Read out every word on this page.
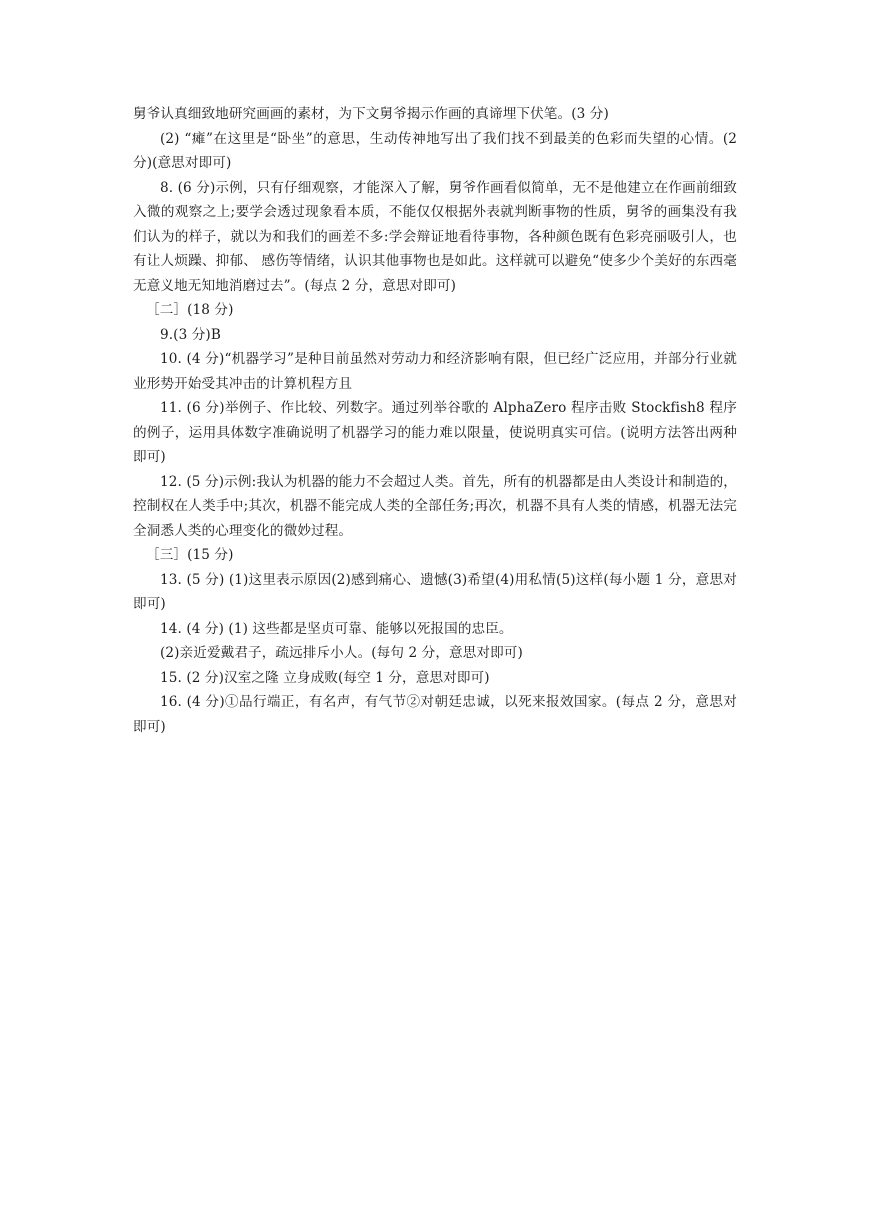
舅爷认真细致地研究画画的素材，为下文舅爷揭示作画的真谛埋下伏笔。(3 分)

(2) “瘫”在这里是“卧坐”的意思，生动传神地写出了我们找不到最美的色彩而失望的心情。(2 分)(意思对即可)

8. (6 分)示例，只有仔细观察，才能深入了解，舅爷作画看似简单，无不是他建立在作画前细致入微的观察之上;要学会透过现象看本质，不能仅仅根据外表就判断事物的性质，舅爷的画集没有我们认为的样子，就以为和我们的画差不多:学会辩证地看待事物，各种颜色既有色彩亮丽吸引人，也有让人烦躁、抑郁、 感伤等情绪，认识其他事物也是如此。这样就可以避免“使多少个美好的东西毫无意义地无知地消磨过去”。(每点 2 分，意思对即可)

［二］(18 分)

9.(3 分)B

10. (4 分)“机器学习”是种目前虽然对劳动力和经济影响有限，但已经广泛应用，并部分行业就业形势开始受其冲击的计算机程方且

11. (6 分)举例子、作比较、列数字。通过列举谷歌的 AlphaZero 程序击败 Stockfish8 程序的例子，运用具体数字准确说明了机器学习的能力难以限量，使说明真实可信。(说明方法答出两种即可)

12. (5 分)示例:我认为机器的能力不会超过人类。首先，所有的机器都是由人类设计和制造的，控制权在人类手中;其次，机器不能完成人类的全部任务;再次，机器不具有人类的情感，机器无法完全洞悉人类的心理变化的微妙过程。

［三］(15 分)

13. (5 分) (1)这里表示原因(2)感到痛心、遗憾(3)希望(4)用私情(5)这样(每小题 1 分，意思对即可)

14. (4 分) (1) 这些都是坚贞可靠、能够以死报国的忠臣。

(2)亲近爱戴君子，疏远排斥小人。(每句 2 分，意思对即可)

15. (2 分)汉室之隆 立身成败(每空 1 分，意思对即可)

16. (4 分)①品行端正，有名声，有气节②对朝廷忠诚，以死来报效国家。(每点 2 分，意思对即可)
